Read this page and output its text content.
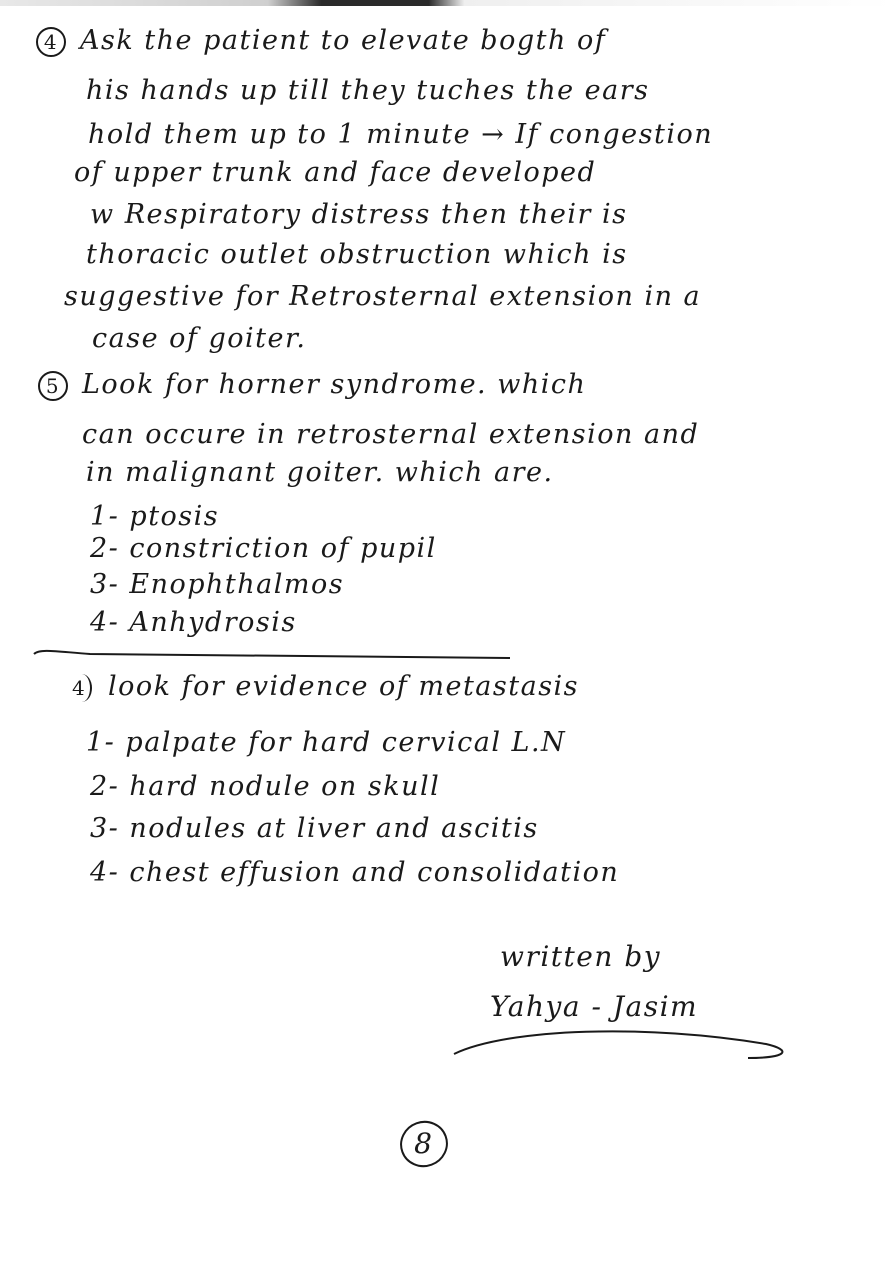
4 Ask the patient to elevate bogth of
his hands up till they tuches the ears
hold them up to 1 minute → If congestion
of upper trunk and face developed
w Respiratory distress then their is
thoracic outlet obstruction which is
suggestive for Retrosternal extension in a
case of goiter.
5 Look for horner syndrome. which
can occure in retrosternal extension and
in malignant goiter. which are.
1- ptosis
2- constriction of pupil
3- Enophthalmos
4- Anhydrosis
4 look for evidence of metastasis
1- palpate for hard cervical L.N
2- hard nodule on skull
3- nodules at liver and ascitis
4- chest effusion and consolidation
written by
Yahya - Jasim
8
